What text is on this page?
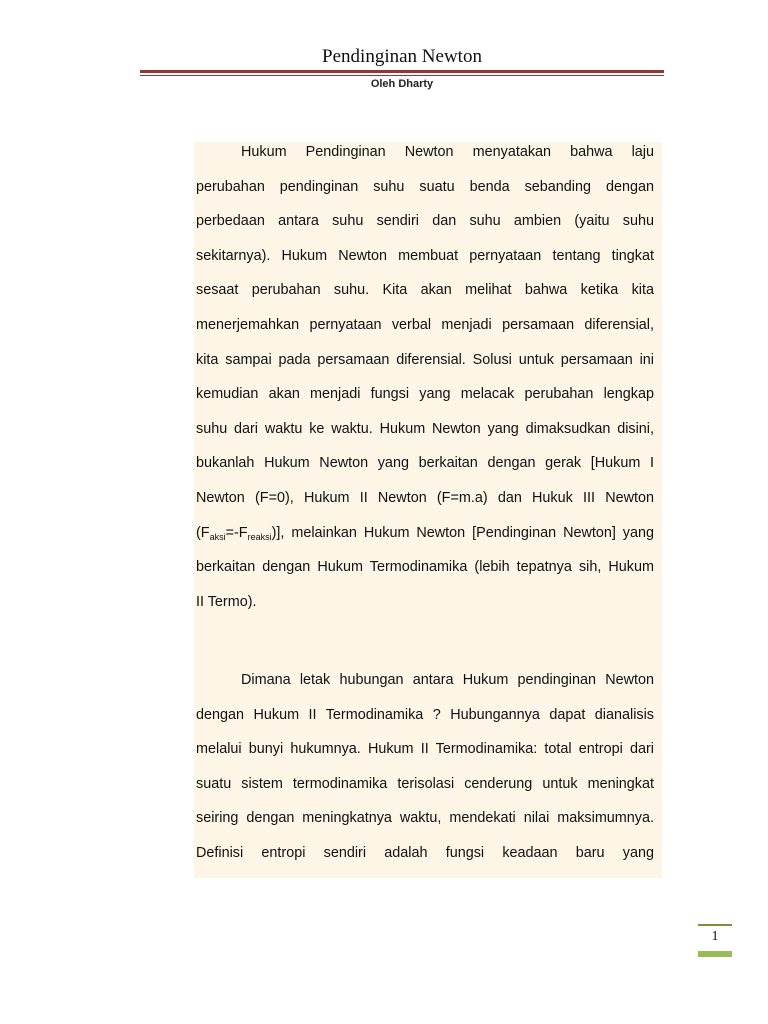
Pendinginan Newton
Oleh Dharty
Hukum Pendinginan Newton menyatakan bahwa laju
perubahan pendinginan suhu suatu benda sebanding dengan
perbedaan antara suhu sendiri dan suhu ambien (yaitu suhu
sekitarnya). Hukum Newton membuat pernyataan tentang tingkat
sesaat perubahan suhu. Kita akan melihat bahwa ketika kita
menerjemahkan pernyataan verbal menjadi persamaan diferensial,
kita sampai pada persamaan diferensial. Solusi untuk persamaan ini
kemudian akan menjadi fungsi yang melacak perubahan lengkap
suhu dari waktu ke waktu. Hukum Newton yang dimaksudkan disini,
bukanlah Hukum Newton yang berkaitan dengan gerak [Hukum I
Newton (F=0), Hukum II Newton (F=m.a) dan Hukuk III Newton
$(F_{aksi}=-F_{reaksi})$], melainkan Hukum Newton [Pendinginan Newton] yang
berkaitan dengan Hukum Termodinamika (lebih tepatnya sih, Hukum
II Termo).
Dimana letak hubungan antara Hukum pendinginan Newton
dengan Hukum II Termodinamika ? Hubungannya dapat dianalisis
melalui bunyi hukumnya. Hukum II Termodinamika: total entropi dari
suatu sistem termodinamika terisolasi cenderung untuk meningkat
seiring dengan meningkatnya waktu, mendekati nilai maksimumnya.
Definisi entropi sendiri adalah fungsi keadaan baru yang
1
